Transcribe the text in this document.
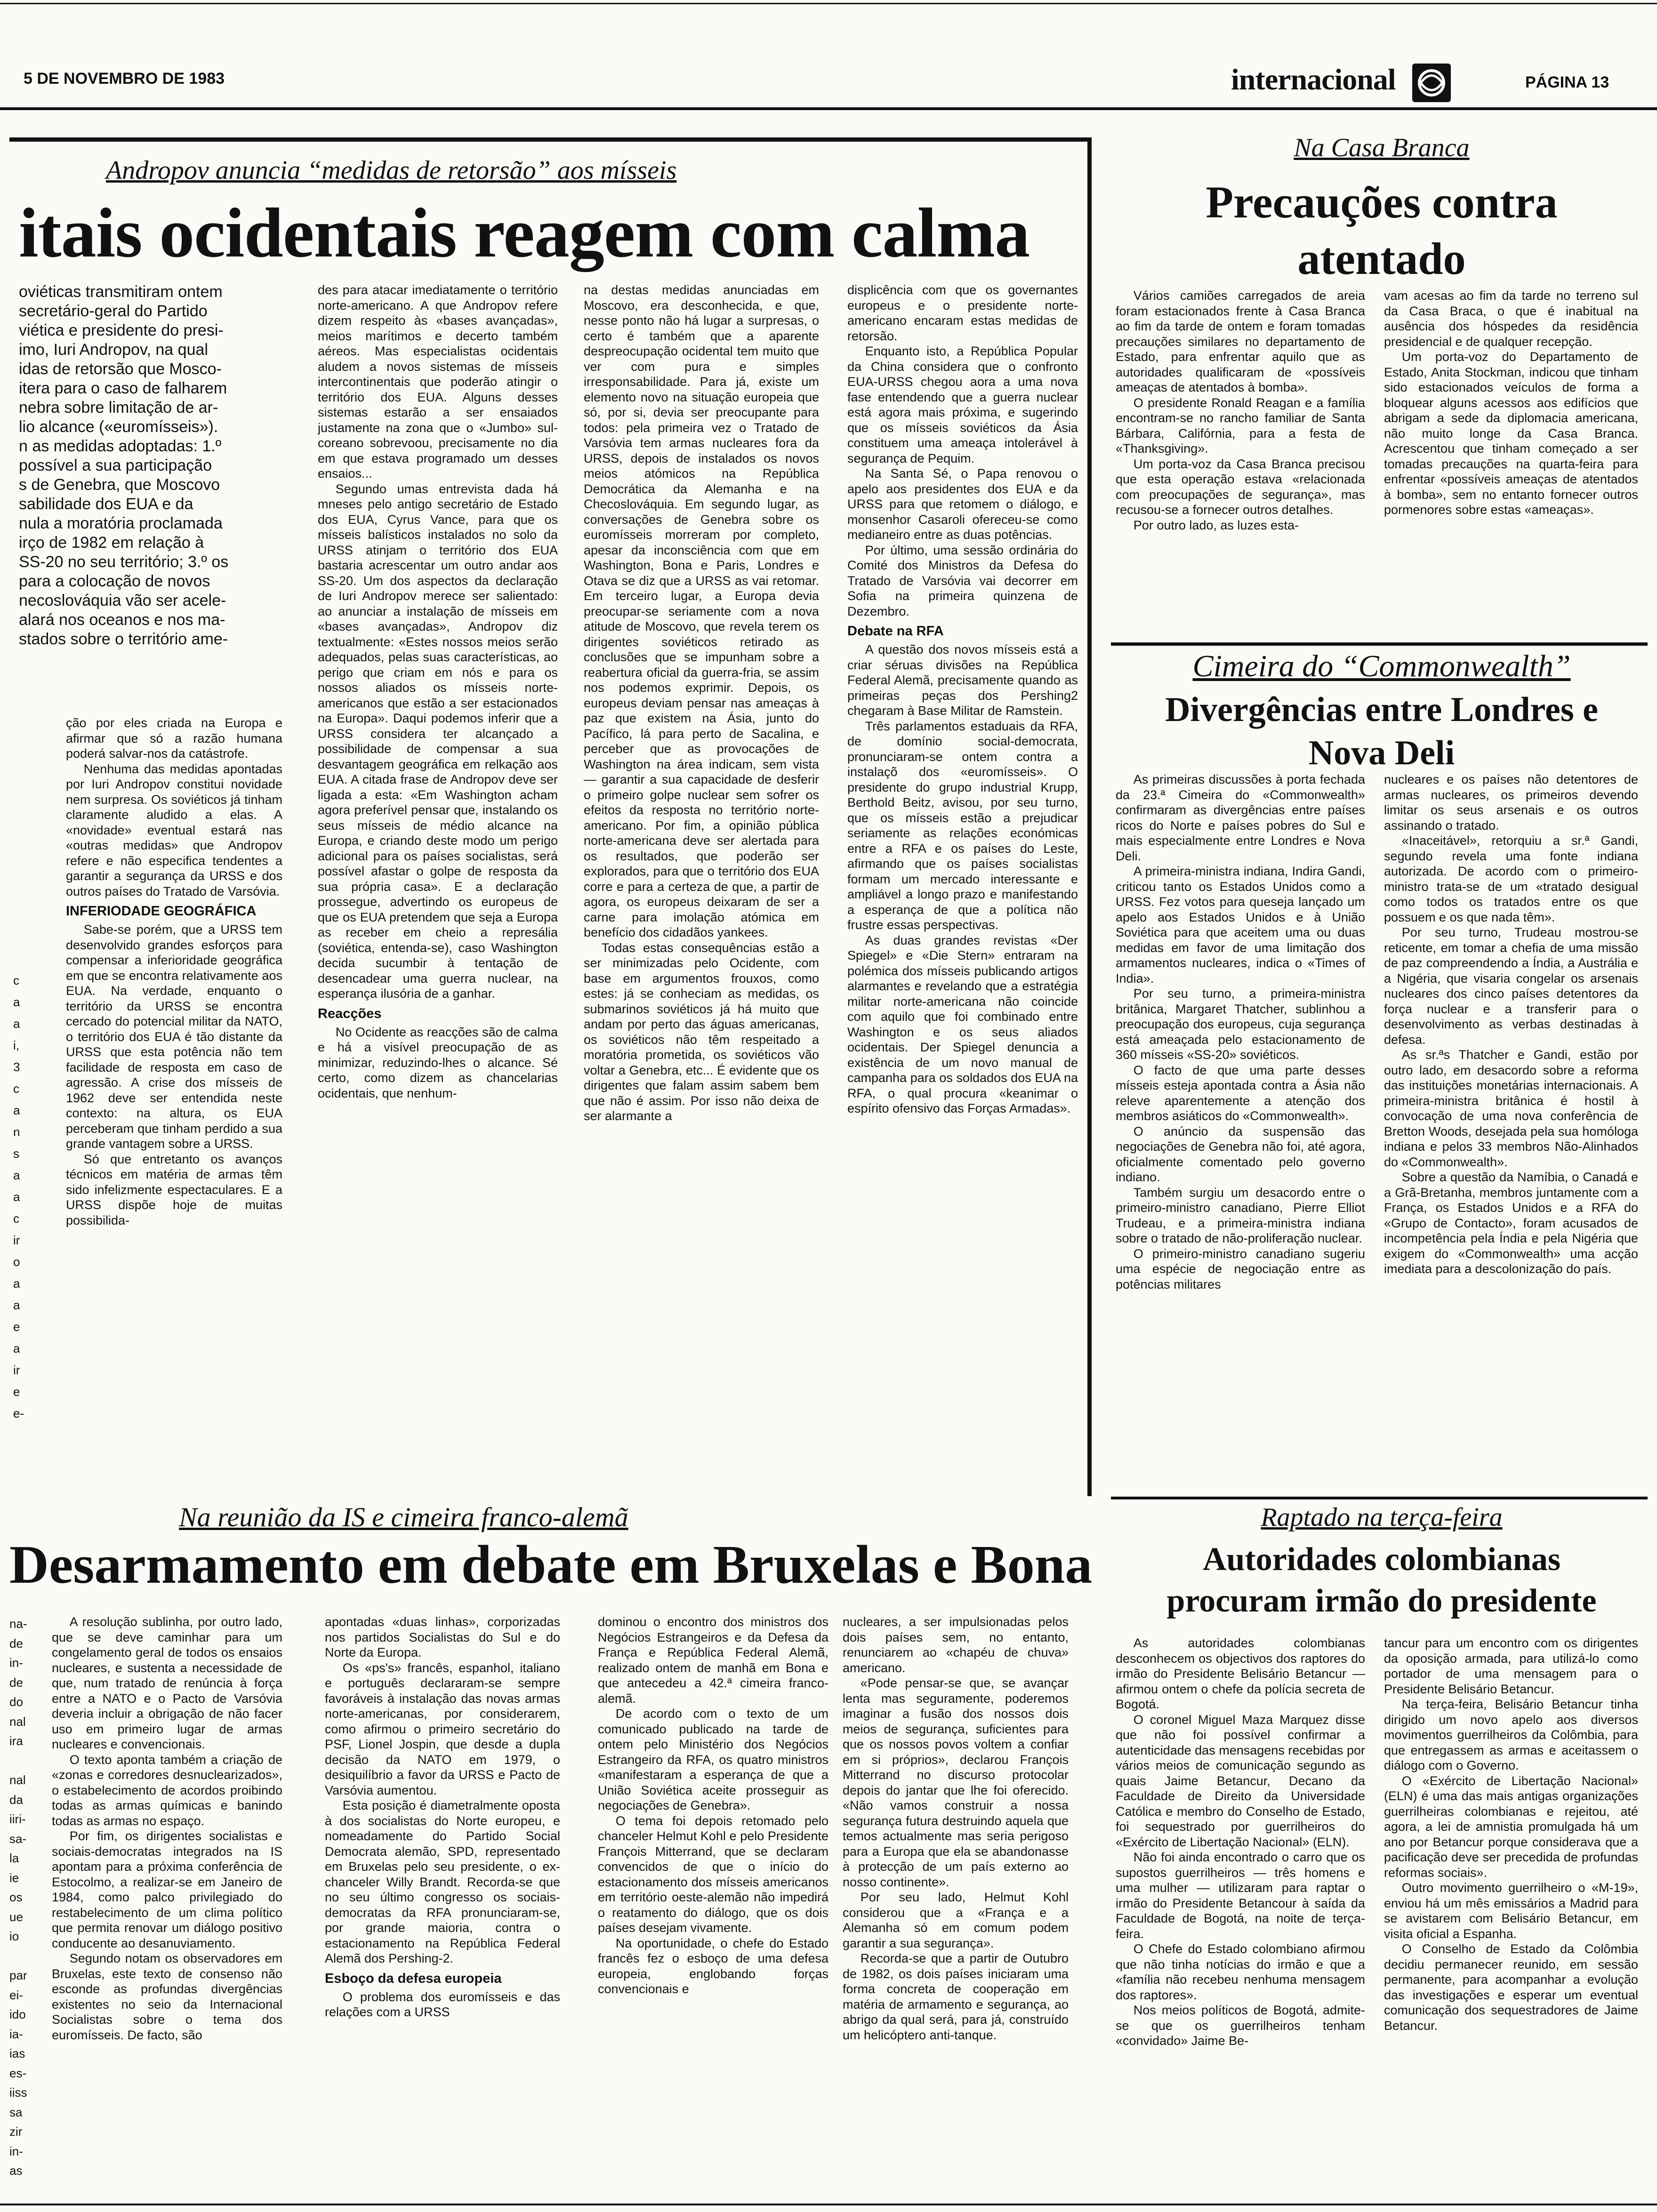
5 DE NOVEMBRO DE 1983	internacional	PÁGINA 13
Andropov anuncia “medidas de retorsão” aos mísseis
itais ocidentais reagem com calma
oviéticas transmitiram ontem
secretário-geral do Partido
viética e presidente do presi-
imo, Iuri Andropov, na qual
idas de retorsão que Mosco-
itera para o caso de falharem
nebra sobre limitação de ar-
lio alcance («euromísseis»).
n as medidas adoptadas: 1.º
possível a sua participação
s de Genebra, que Moscovo
sabilidade dos EUA e da
nula a moratória proclamada
irço de 1982 em relação à
SS-20 no seu território; 3.º os
para a colocação de novos
necoslováquia vão ser acele-
alará nos oceanos e nos ma-
stados sobre o território ame-

ção por eles criada na Europa e afirmar que só a razão humana poderá salvar-nos da catástrofe.

Nenhuma das medidas apontadas por Iuri Andropov constitui novidade nem surpresa. Os soviéticos já tinham claramente aludido a elas. A «novidade» eventual estará nas «outras medidas» que Andropov refere e não especifica tendentes a garantir a segurança da URSS e dos outros países do Tratado de Varsóvia.

INFERIODADE GEOGRÁFICA

Sabe-se porém, que a URSS tem desenvolvido grandes esforços para compensar a inferioridade geográfica em que se encontra relativamente aos EUA. Na verdade, enquanto o território da URSS se encontra cercado do potencial militar da NATO, o território dos EUA é tão distante da URSS que esta potência não tem facilidade de resposta em caso de agressão. A crise dos mísseis de 1962 deve ser entendida neste contexto: na altura, os EUA perceberam que tinham perdido a sua grande vantagem sobre a URSS.

Só que entretanto os avanços técnicos em matéria de armas têm sido infelizmente espectaculares. E a URSS dispõe hoje de muitas possibilida-

c
a
a
i,
3
c
a
n
s
a
a
c
ir
o
a
a
e
a
ir
e
e-

des para atacar imediatamente o território norte-americano. A que Andropov refere dizem respeito às «bases avançadas», meios marítimos e decerto também aéreos. Mas especialistas ocidentais aludem a novos sistemas de mísseis intercontinentais que poderão atingir o território dos EUA. Alguns desses sistemas estarão a ser ensaiados justamente na zona que o «Jumbo» sul-coreano sobrevoou, precisamente no dia em que estava programado um desses ensaios...

Segundo umas entrevista dada há mneses pelo antigo secretário de Estado dos EUA, Cyrus Vance, para que os mísseis balísticos instalados no solo da URSS atinjam o território dos EUA bastaria acrescentar um outro andar aos SS-20. Um dos aspectos da declaração de Iuri Andropov merece ser salientado: ao anunciar a instalação de mísseis em «bases avançadas», Andropov diz textualmente: «Estes nossos meios serão adequados, pelas suas características, ao perigo que criam em nós e para os nossos aliados os mísseis norte-americanos que estão a ser estacionados na Europa». Daqui podemos inferir que a URSS considera ter alcançado a possibilidade de compensar a sua desvantagem geográfica em relkação aos EUA. A citada frase de Andropov deve ser ligada a esta: «Em Washington acham agora preferível pensar que, instalando os seus mísseis de médio alcance na Europa, e criando deste modo um perigo adicional para os países socialistas, será possível afastar o golpe de resposta da sua própria casa». E a declaração prossegue, advertindo os europeus de que os EUA pretendem que seja a Europa as receber em cheio a represália (soviética, entenda-se), caso Washington decida sucumbir à tentação de desencadear uma guerra nuclear, na esperança ilusória de a ganhar.

Reacções

No Ocidente as reacções são de calma e há a visível preocupação de as minimizar, reduzindo-lhes o alcance. Sé certo, como dizem as chancelarias ocidentais, que nenhum-

na destas medidas anunciadas em Moscovo, era desconhecida, e que, nesse ponto não há lugar a surpresas, o certo é também que a aparente despreocupação ocidental tem muito que ver com pura e simples irresponsabilidade. Para já, existe um elemento novo na situação europeia que só, por si, devia ser preocupante para todos: pela primeira vez o Tratado de Varsóvia tem armas nucleares fora da URSS, depois de instalados os novos meios atómicos na República Democrática da Alemanha e na Checoslováquia. Em segundo lugar, as conversações de Genebra sobre os euromísseis morreram por completo, apesar da inconsciência com que em Washington, Bona e Paris, Londres e Otava se diz que a URSS as vai retomar. Em terceiro lugar, a Europa devia preocupar-se seriamente com a nova atitude de Moscovo, que revela terem os dirigentes soviéticos retirado as conclusões que se impunham sobre a reabertura oficial da guerra-fria, se assim nos podemos exprimir. Depois, os europeus deviam pensar nas ameaças à paz que existem na Ásia, junto do Pacífico, lá para perto de Sacalina, e perceber que as provocações de Washington na área indicam, sem vista — garantir a sua capacidade de desferir o primeiro golpe nuclear sem sofrer os efeitos da resposta no território norte-americano. Por fim, a opinião pública norte-americana deve ser alertada para os resultados, que poderão ser explorados, para que o território dos EUA corre e para a certeza de que, a partir de agora, os europeus deixaram de ser a carne para imolação atómica em benefício dos cidadãos yankees.

Todas estas consequências estão a ser minimizadas pelo Ocidente, com base em argumentos frouxos, como estes: já se conheciam as medidas, os submarinos soviéticos já há muito que andam por perto das águas americanas, os soviéticos não têm respeitado a moratória prometida, os soviéticos vão voltar a Genebra, etc... É evidente que os dirigentes que falam assim sabem bem que não é assim. Por isso não deixa de ser alarmante a

displicência com que os governantes europeus e o presidente norte-americano encaram estas medidas de retorsão.

Enquanto isto, a República Popular da China considera que o confronto EUA-URSS chegou aora a uma nova fase entendendo que a guerra nuclear está agora mais próxima, e sugerindo que os mísseis soviéticos da Ásia constituem uma ameaça intolerável à segurança de Pequim.

Na Santa Sé, o Papa renovou o apelo aos presidentes dos EUA e da URSS para que retomem o diálogo, e monsenhor Casaroli ofereceu-se como medianeiro entre as duas potências.

Por último, uma sessão ordinária do Comité dos Ministros da Defesa do Tratado de Varsóvia vai decorrer em Sofia na primeira quinzena de Dezembro.

Debate na RFA

A questão dos novos mísseis está a criar séruas divisões na República Federal Alemã, precisamente quando as primeiras peças dos Pershing2 chegaram à Base Militar de Ramstein.

Três parlamentos estaduais da RFA, de domínio social-democrata, pronunciaram-se ontem contra a instalaçõ dos «euromísseis». O presidente do grupo industrial Krupp, Berthold Beitz, avisou, por seu turno, que os mísseis estão a prejudicar seriamente as relações económicas entre a RFA e os países do Leste, afirmando que os países socialistas formam um mercado interessante e ampliável a longo prazo e manifestando a esperança de que a política não frustre essas perspectivas.

As duas grandes revistas «Der Spiegel» e «Die Stern» entraram na polémica dos mísseis publicando artigos alarmantes e revelando que a estratégia militar norte-americana não coincide com aquilo que foi combinado entre Washington e os seus aliados ocidentais. Der Spiegel denuncia a existência de um novo manual de campanha para os soldados dos EUA na RFA, o qual procura «keanimar o espírito ofensivo das Forças Armadas».

Na Casa Branca
Precauções contra atentado

Vários camiões carregados de areia foram estacionados frente à Casa Branca ao fim da tarde de ontem e foram tomadas precauções similares no departamento de Estado, para enfrentar aquilo que as autoridades qualificaram de «possíveis ameaças de atentados à bomba».

O presidente Ronald Reagan e a família encontram-se no rancho familiar de Santa Bárbara, Califórnia, para a festa de «Thanksgiving».

Um porta-voz da Casa Branca precisou que esta operação estava «relacionada com preocupações de segurança», mas recusou-se a fornecer outros detalhes.

Por outro lado, as luzes esta-

vam acesas ao fim da tarde no terreno sul da Casa Braca, o que é inabitual na ausência dos hóspedes da residência presidencial e de qualquer recepção.

Um porta-voz do Departamento de Estado, Anita Stockman, indicou que tinham sido estacionados veículos de forma a bloquear alguns acessos aos edifícios que abrigam a sede da diplomacia americana, não muito longe da Casa Branca. Acrescentou que tinham começado a ser tomadas precauções na quarta-feira para enfrentar «possíveis ameaças de atentados à bomba», sem no entanto fornecer outros pormenores sobre estas «ameaças».

Cimeira do “Commonwealth”
Divergências entre Londres e Nova Deli

As primeiras discussões à porta fechada da 23.ª Cimeira do «Commonwealth» confirmaram as divergências entre países ricos do Norte e países pobres do Sul e mais especialmente entre Londres e Nova Deli.

A primeira-ministra indiana, Indira Gandi, criticou tanto os Estados Unidos como a URSS. Fez votos para queseja lançado um apelo aos Estados Unidos e à União Soviética para que aceitem uma ou duas medidas em favor de uma limitação dos armamentos nucleares, indica o «Times of India».

Por seu turno, a primeira-ministra britânica, Margaret Thatcher, sublinhou a preocupação dos europeus, cuja segurança está ameaçada pelo estacionamento de 360 mísseis «SS-20» soviéticos.

O facto de que uma parte desses mísseis esteja apontada contra a Ásia não releve aparentemente a atenção dos membros asiáticos do «Commonwealth».

O anúncio da suspensão das negociações de Genebra não foi, até agora, oficialmente comentado pelo governo indiano.

Também surgiu um desacordo entre o primeiro-ministro canadiano, Pierre Elliot Trudeau, e a primeira-ministra indiana sobre o tratado de não-proliferação nuclear.

O primeiro-ministro canadiano sugeriu uma espécie de negociação entre as potências militares

nucleares e os países não detentores de armas nucleares, os primeiros devendo limitar os seus arsenais e os outros assinando o tratado.

«Inaceitável», retorquiu a sr.ª Gandi, segundo revela uma fonte indiana autorizada. De acordo com o primeiro-ministro trata-se de um «tratado desigual como todos os tratados entre os que possuem e os que nada têm».

Por seu turno, Trudeau mostrou-se reticente, em tomar a chefia de uma missão de paz compreendendo a Índia, a Austrália e a Nigéria, que visaria congelar os arsenais nucleares dos cinco países detentores da força nuclear e a transferir para o desenvolvimento as verbas destinadas à defesa.

As sr.ªs Thatcher e Gandi, estão por outro lado, em desacordo sobre a reforma das instituições monetárias internacionais. A primeira-ministra britânica é hostil à convocação de uma nova conferência de Bretton Woods, desejada pela sua homóloga indiana e pelos 33 membros Não-Alinhados do «Commonwealth».

Sobre a questão da Namíbia, o Canadá e a Grã-Bretanha, membros juntamente com a França, os Estados Unidos e a RFA do «Grupo de Contacto», foram acusados de incompetência pela Índia e pela Nigéria que exigem do «Commonwealth» uma acção imediata para a descolonização do país.

Na reunião da IS e cimeira franco-alemã
Desarmamento em debate em Bruxelas e Bona
na-
de
in-
de
do
nal
ira

nal
da
iiri-
sa-
la
ie
os
ue
io

par
ei-
ido
ia-
ias
es-
iiss
sa
zir
in-
as

A resolução sublinha, por outro lado, que se deve caminhar para um congelamento geral de todos os ensaios nucleares, e sustenta a necessidade de que, num tratado de renúncia à força entre a NATO e o Pacto de Varsóvia deveria incluir a obrigação de não facer uso em primeiro lugar de armas nucleares e convencionais.

O texto aponta também a criação de «zonas e corredores desnuclearizados», o estabelecimento de acordos proibindo todas as armas químicas e banindo todas as armas no espaço.

Por fim, os dirigentes socialistas e sociais-democratas integrados na IS apontam para a próxima conferência de Estocolmo, a realizar-se em Janeiro de 1984, como palco privilegiado do restabelecimento de um clima político que permita renovar um diálogo positivo conducente ao desanuviamento.

Segundo notam os observadores em Bruxelas, este texto de consenso não esconde as profundas divergências existentes no seio da Internacional Socialistas sobre o tema dos euromísseis. De facto, são

apontadas «duas linhas», corporizadas nos partidos Socialistas do Sul e do Norte da Europa.

Os «ps's» francês, espanhol, italiano e português declararam-se sempre favoráveis à instalação das novas armas norte-americanas, por considerarem, como afirmou o primeiro secretário do PSF, Lionel Jospin, que desde a dupla decisão da NATO em 1979, o desiquilíbrio a favor da URSS e Pacto de Varsóvia aumentou.

Esta posição é diametralmente oposta à dos socialistas do Norte europeu, e nomeadamente do Partido Social Democrata alemão, SPD, representado em Bruxelas pelo seu presidente, o ex-chanceler Willy Brandt. Recorda-se que no seu último congresso os sociais-democratas da RFA pronunciaram-se, por grande maioria, contra o estacionamento na República Federal Alemã dos Pershing-2.

Esboço da defesa europeia

O problema dos euromísseis e das relações com a URSS

dominou o encontro dos ministros dos Negócios Estrangeiros e da Defesa da França e República Federal Alemã, realizado ontem de manhã em Bona e que antecedeu a 42.ª cimeira franco-alemã.

De acordo com o texto de um comunicado publicado na tarde de ontem pelo Ministério dos Negócios Estrangeiro da RFA, os quatro ministros «manifestaram a esperança de que a União Soviética aceite prosseguir as negociações de Genebra».

O tema foi depois retomado pelo chanceler Helmut Kohl e pelo Presidente François Mitterrand, que se declaram convencidos de que o início do estacionamento dos mísseis americanos em território oeste-alemão não impedirá o reatamento do diálogo, que os dois países desejam vivamente.

Na oportunidade, o chefe do Estado francês fez o esboço de uma defesa europeia, englobando forças convencionais e

nucleares, a ser impulsionadas pelos dois países sem, no entanto, renunciarem ao «chapéu de chuva» americano.

«Pode pensar-se que, se avançar lenta mas seguramente, poderemos imaginar a fusão dos nossos dois meios de segurança, suficientes para que os nossos povos voltem a confiar em si próprios», declarou François Mitterrand no discurso protocolar depois do jantar que lhe foi oferecido. «Não vamos construir a nossa segurança futura destruindo aquela que temos actualmente mas seria perigoso para a Europa que ela se abandonasse à protecção de um país externo ao nosso continente».

Por seu lado, Helmut Kohl considerou que a «França e a Alemanha só em comum podem garantir a sua segurança».

Recorda-se que a partir de Outubro de 1982, os dois países iniciaram uma forma concreta de cooperação em matéria de armamento e segurança, ao abrigo da qual será, para já, construído um helicóptero anti-tanque.

Raptado na terça-feira
Autoridades colombianas procuram irmão do presidente

As autoridades colombianas desconhecem os objectivos dos raptores do irmão do Presidente Belisário Betancur — afirmou ontem o chefe da polícia secreta de Bogotá.

O coronel Miguel Maza Marquez disse que não foi possível confirmar a autenticidade das mensagens recebidas por vários meios de comunicação segundo as quais Jaime Betancur, Decano da Faculdade de Direito da Universidade Católica e membro do Conselho de Estado, foi sequestrado por guerrilheiros do «Exército de Libertação Nacional» (ELN).

Não foi ainda encontrado o carro que os supostos guerrilheiros — três homens e uma mulher — utilizaram para raptar o irmão do Presidente Betancour à saída da Faculdade de Bogotá, na noite de terça-feira.

O Chefe do Estado colombiano afirmou que não tinha notícias do irmão e que a «família não recebeu nenhuma mensagem dos raptores».

Nos meios políticos de Bogotá, admite-se que os guerrilheiros tenham «convidado» Jaime Be-

tancur para um encontro com os dirigentes da oposição armada, para utilizá-lo como portador de uma mensagem para o Presidente Belisário Betancur.

Na terça-feira, Belisário Betancur tinha dirigido um novo apelo aos diversos movimentos guerrilheiros da Colômbia, para que entregassem as armas e aceitassem o diálogo com o Governo.

O «Exército de Libertação Nacional» (ELN) é uma das mais antigas organizações guerrilheiras colombianas e rejeitou, até agora, a lei de amnistia promulgada há um ano por Betancur porque considerava que a pacificação deve ser precedida de profundas reformas sociais».

Outro movimento guerrilheiro o «M-19», enviou há um mês emissários a Madrid para se avistarem com Belisário Betancur, em visita oficial a Espanha.

O Conselho de Estado da Colômbia decidiu permanecer reunido, em sessão permanente, para acompanhar a evolução das investigações e esperar um eventual comunicação dos sequestradores de Jaime Betancur.
